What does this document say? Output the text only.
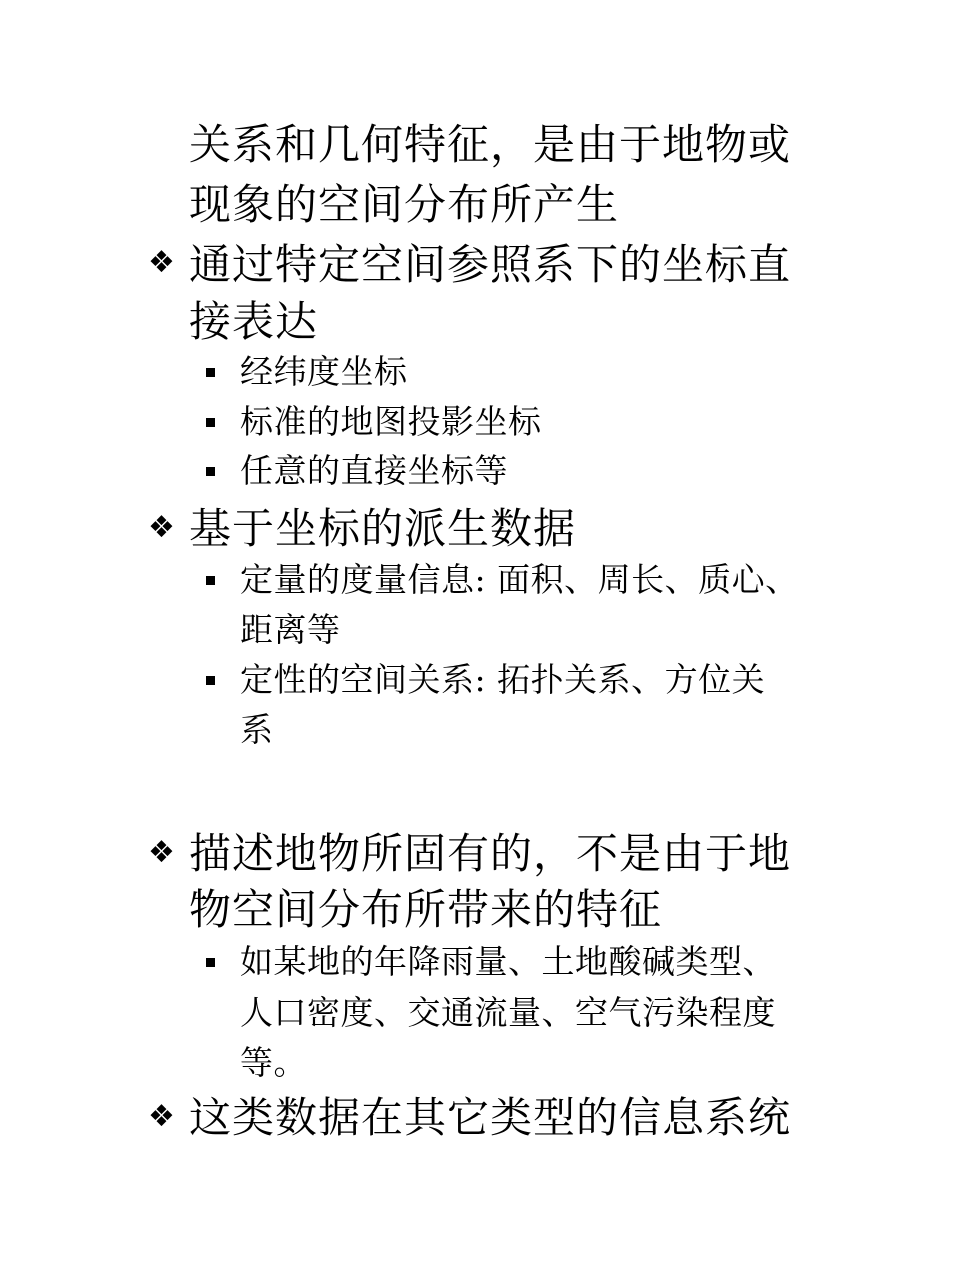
关系和几何特征，是由于地物或
现象的空间分布所产生
❖ 通过特定空间参照系下的坐标直
接表达
经纬度坐标
标准的地图投影坐标
任意的直接坐标等
❖ 基于坐标的派生数据
定量的度量信息: 面积、周长、质心、
距离等
定性的空间关系: 拓扑关系、方位关
系
❖ 描述地物所固有的，不是由于地
物空间分布所带来的特征
如某地的年降雨量、土地酸碱类型、
人口密度、交通流量、空气污染程度
等。
❖ 这类数据在其它类型的信息系统
